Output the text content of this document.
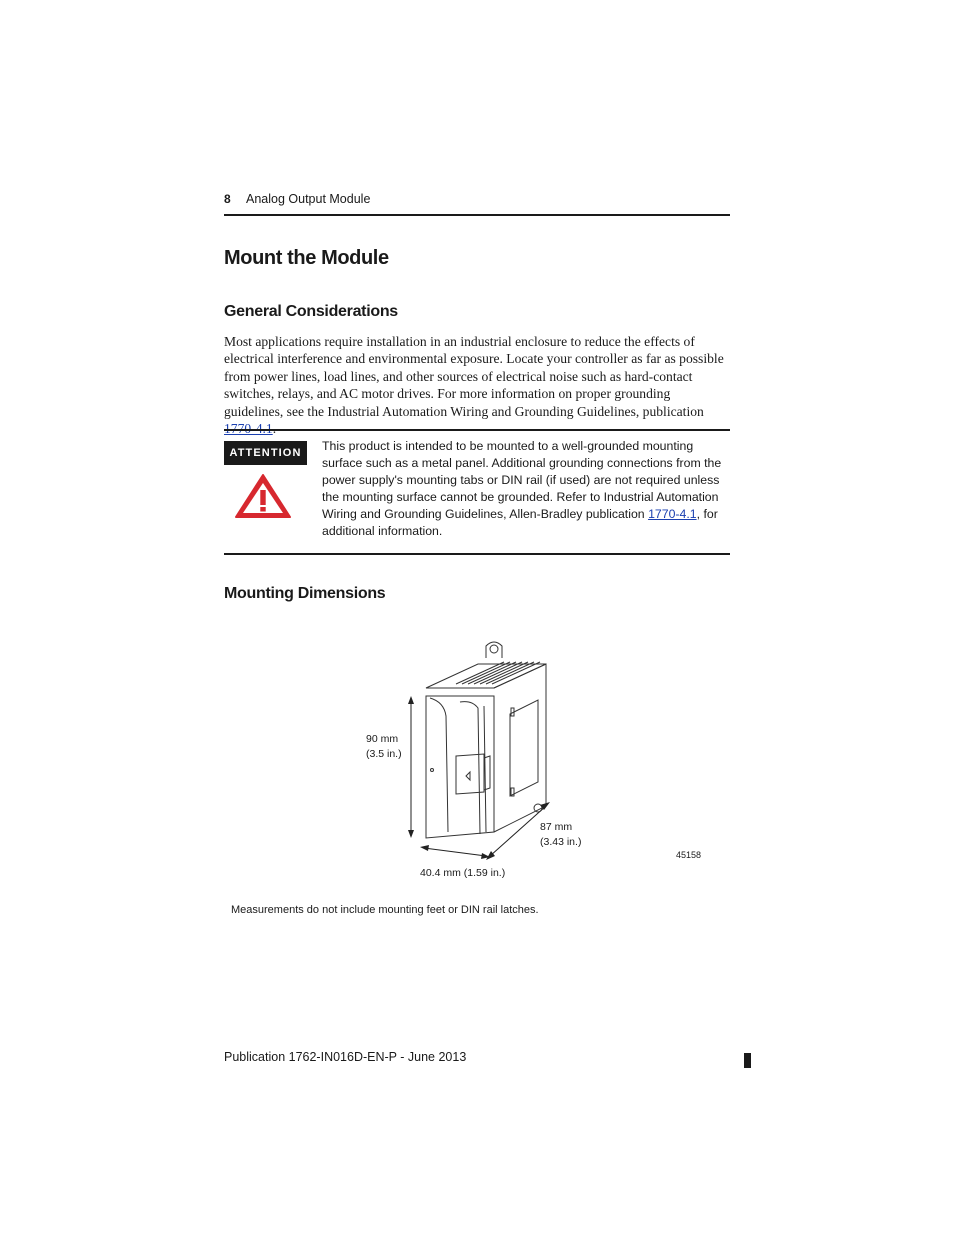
8 Analog Output Module
Mount the Module
General Considerations
Most applications require installation in an industrial enclosure to reduce the effects of electrical interference and environmental exposure. Locate your controller as far as possible from power lines, load lines, and other sources of electrical noise such as hard-contact switches, relays, and AC motor drives. For more information on proper grounding guidelines, see the Industrial Automation Wiring and Grounding Guidelines, publication
ATTENTION	This product is intended to be mounted to a well-grounded mounting surface such as a metal panel. Additional grounding connections from the power supply's mounting tabs or DIN rail (if used) are not required unless the mounting surface cannot be grounded. Refer to Industrial Automation Wiring and Grounding Guidelines, Allen-Bradley publication 1770-4.1, for additional information.
Mounting Dimensions
90 mm
(3.5 in.)
40.4 mm (1.59 in.)
87 mm
(3.43 in.)
45158
Measurements do not include mounting feet or DIN rail latches.
Publication 1762-IN016D-EN-P - June 2013
